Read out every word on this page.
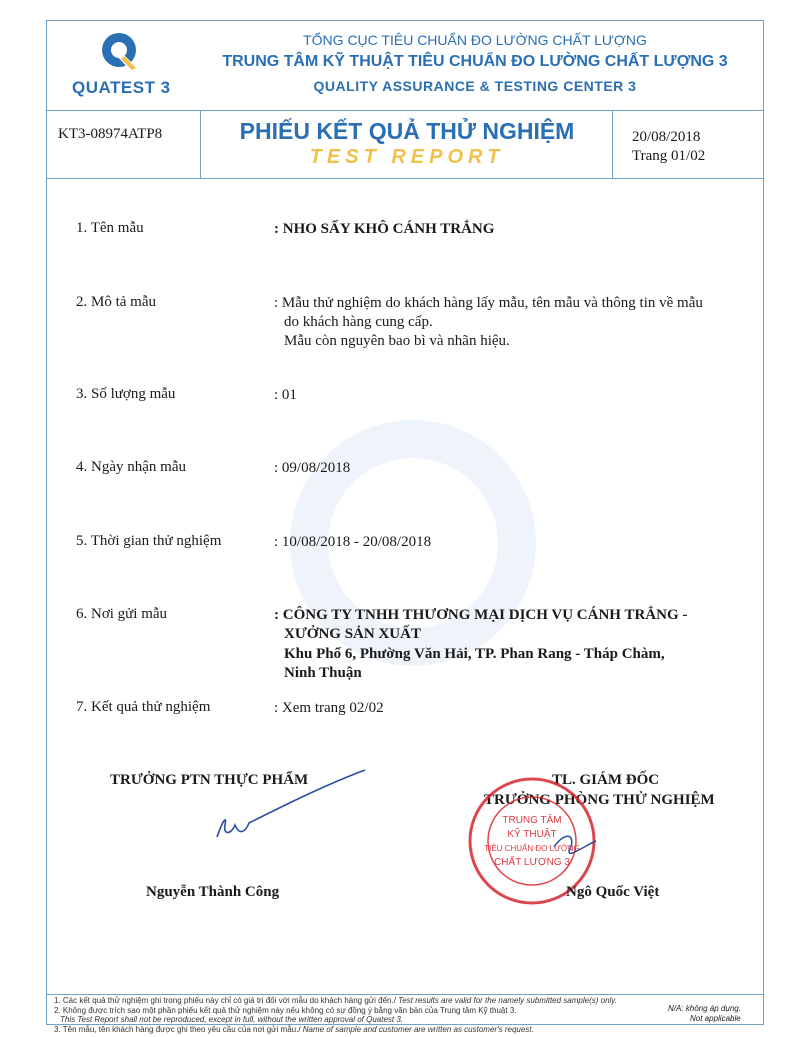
QUATEST 3
TỔNG CỤC TIÊU CHUẨN ĐO LƯỜNG CHẤT LƯỢNG
TRUNG TÂM KỸ THUẬT TIÊU CHUẨN ĐO LƯỜNG CHẤT LƯỢNG 3
QUALITY ASSURANCE & TESTING CENTER 3
KT3-08974ATP8	PHIẾU KẾT QUẢ THỬ NGHIỆM
TEST REPORT
20/08/2018
Trang 01/02
1. Tên mẫu	: NHO SẤY KHÔ CÁNH TRẮNG
2. Mô tả mẫu	: Mẫu thử nghiệm do khách hàng lấy mẫu, tên mẫu và thông tin về mẫu
do khách hàng cung cấp.
Mẫu còn nguyên bao bì và nhãn hiệu.
3. Số lượng mẫu	: 01
4. Ngày nhận mẫu	: 09/08/2018
5. Thời gian thử nghiệm	: 10/08/2018 - 20/08/2018
6. Nơi gửi mẫu	: CÔNG TY TNHH THƯƠNG MẠI DỊCH VỤ CÁNH TRẮNG -
XƯỞNG SẢN XUẤT
Khu Phố 6, Phường Văn Hải, TP. Phan Rang - Tháp Chàm,
Ninh Thuận
7. Kết quả thử nghiệm	: Xem trang 02/02
TRƯỞNG PTN THỰC PHẨM
Nguyễn Thành Công
TL. GIÁM ĐỐC
TRƯỞNG PHÒNG THỬ NGHIỆM
TRUNG TÂM
KỸ THUẬT
TIÊU CHUẨN ĐO LƯỜNG
CHẤT LƯỢNG 3
Ngô Quốc Việt
1. Các kết quả thử nghiệm ghi trong phiếu này chỉ có giá trị đối với mẫu do khách hàng gửi đến./ Test results are valid for the namely submitted sample(s) only.
2. Không được trích sao một phần phiếu kết quả thử nghiệm này nếu không có sự đồng ý bằng văn bản của Trung tâm Kỹ thuật 3.
This Test Report shall not be reproduced, except in full, without the written approval of Quatest 3.
3. Tên mẫu, tên khách hàng được ghi theo yêu cầu của nơi gửi mẫu./ Name of sample and customer are written as customer's request.
N/A: không áp dụng.
Not applicable
